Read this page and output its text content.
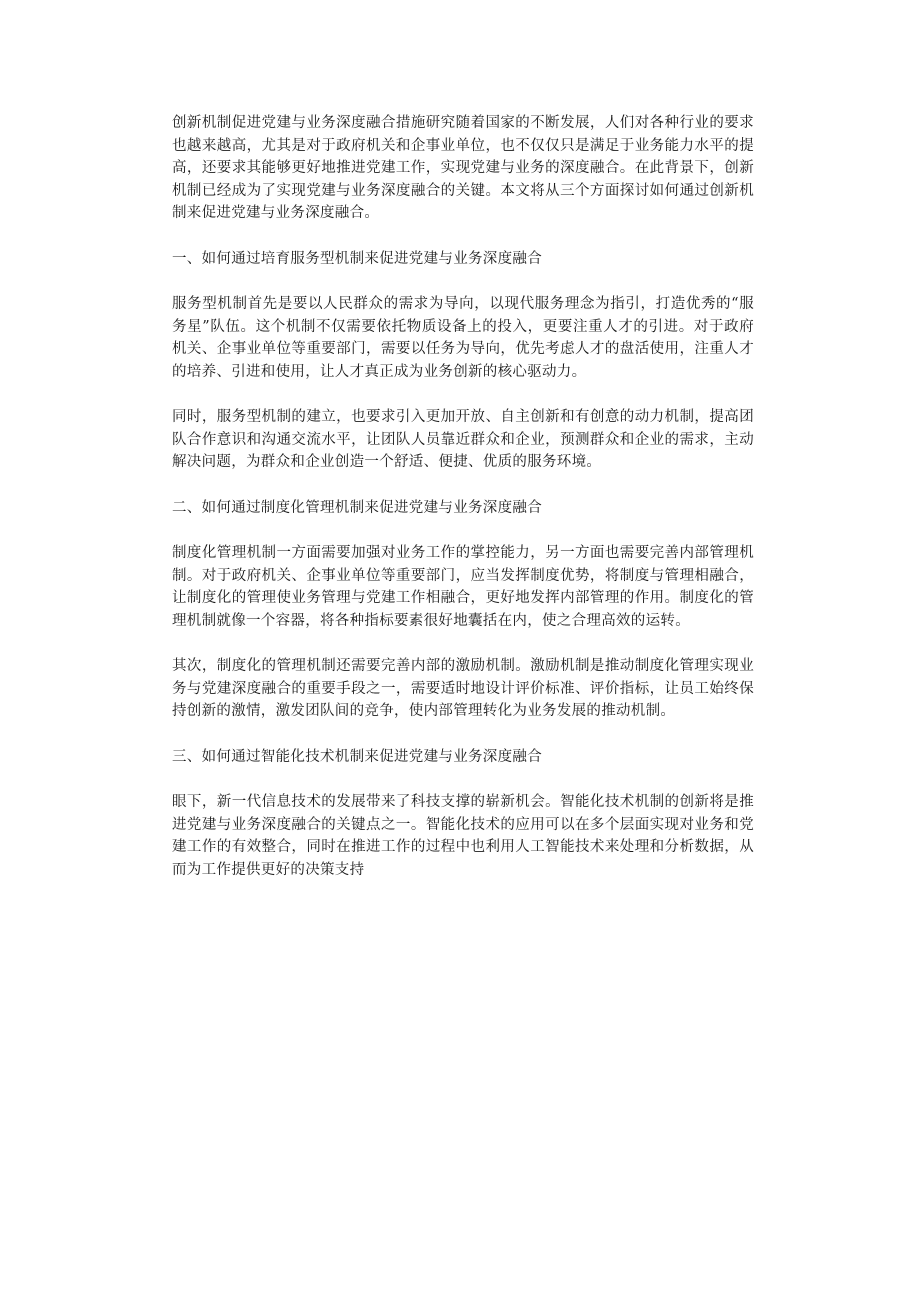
创新机制促进党建与业务深度融合措施研究随着国家的不断发展，人们对各种行业的要求也越来越高，尤其是对于政府机关和企事业单位，也不仅仅只是满足于业务能力水平的提高，还要求其能够更好地推进党建工作，实现党建与业务的深度融合。在此背景下，创新机制已经成为了实现党建与业务深度融合的关键。本文将从三个方面探讨如何通过创新机制来促进党建与业务深度融合。

一、如何通过培育服务型机制来促进党建与业务深度融合

服务型机制首先是要以人民群众的需求为导向，以现代服务理念为指引，打造优秀的“服务星”队伍。这个机制不仅需要依托物质设备上的投入，更要注重人才的引进。对于政府机关、企事业单位等重要部门，需要以任务为导向，优先考虑人才的盘活使用，注重人才的培养、引进和使用，让人才真正成为业务创新的核心驱动力。

同时，服务型机制的建立，也要求引入更加开放、自主创新和有创意的动力机制，提高团队合作意识和沟通交流水平，让团队人员靠近群众和企业，预测群众和企业的需求，主动解决问题，为群众和企业创造一个舒适、便捷、优质的服务环境。

二、如何通过制度化管理机制来促进党建与业务深度融合

制度化管理机制一方面需要加强对业务工作的掌控能力，另一方面也需要完善内部管理机制。对于政府机关、企事业单位等重要部门，应当发挥制度优势，将制度与管理相融合，让制度化的管理使业务管理与党建工作相融合，更好地发挥内部管理的作用。制度化的管理机制就像一个容器，将各种指标要素很好地囊括在内，使之合理高效的运转。

其次，制度化的管理机制还需要完善内部的激励机制。激励机制是推动制度化管理实现业务与党建深度融合的重要手段之一，需要适时地设计评价标准、评价指标，让员工始终保持创新的激情，激发团队间的竞争，使内部管理转化为业务发展的推动机制。

三、如何通过智能化技术机制来促进党建与业务深度融合

眼下，新一代信息技术的发展带来了科技支撑的崭新机会。智能化技术机制的创新将是推进党建与业务深度融合的关键点之一。智能化技术的应用可以在多个层面实现对业务和党建工作的有效整合，同时在推进工作的过程中也利用人工智能技术来处理和分析数据，从而为工作提供更好的决策支持
